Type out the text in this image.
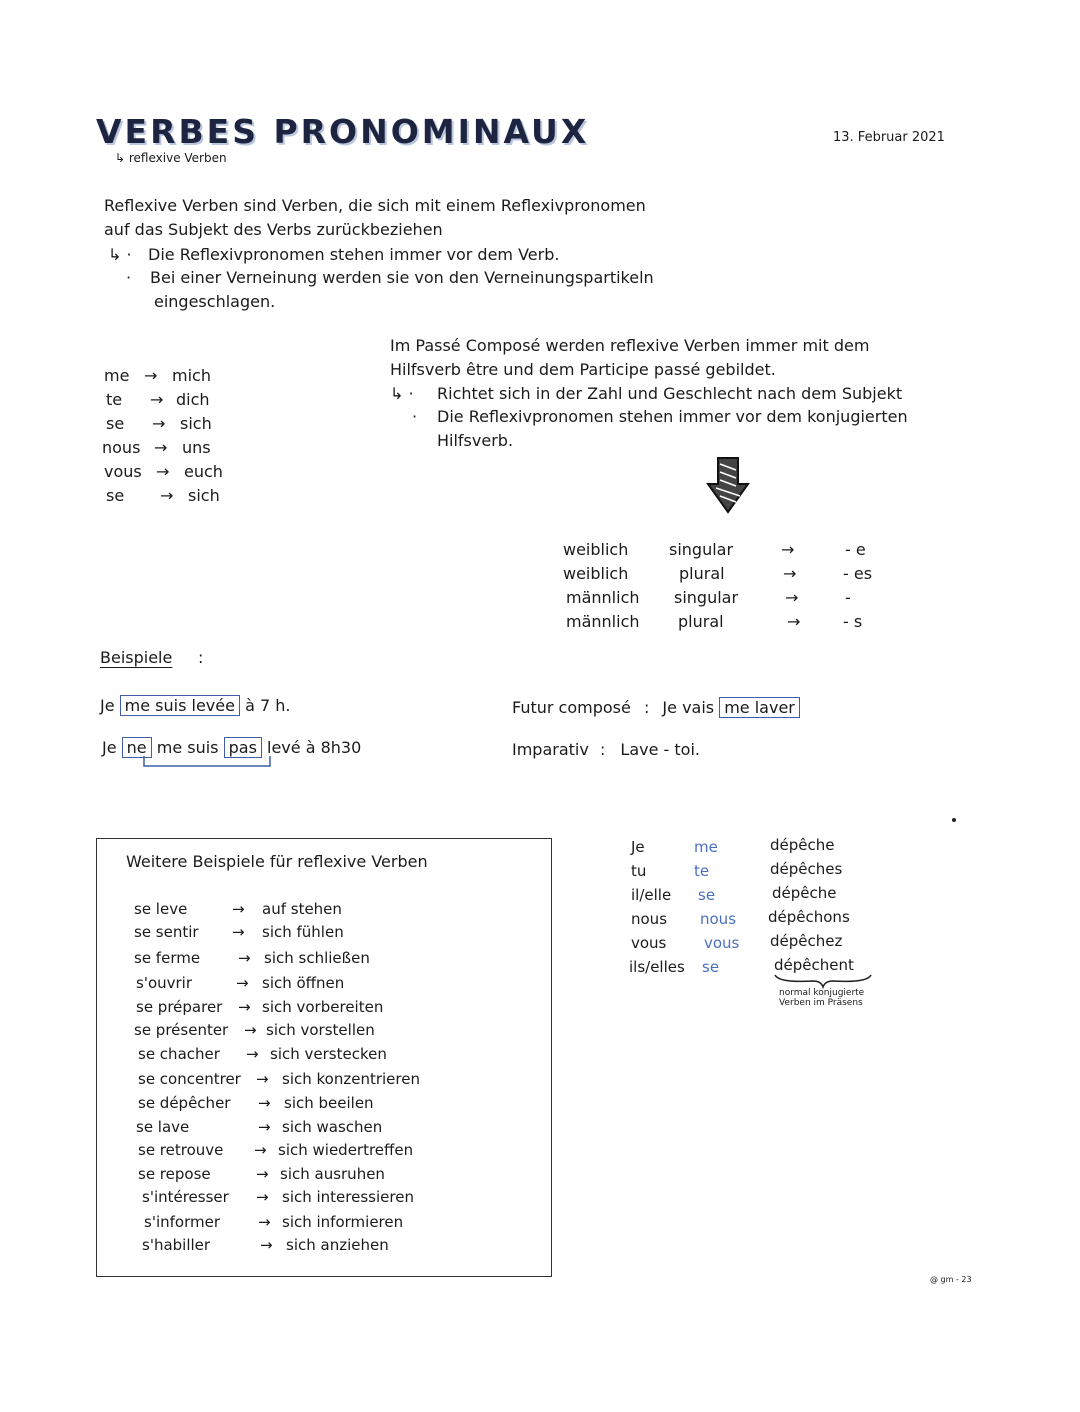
VERBES PRONOMINAUX
↳ reflexive Verben
13. Februar 2021
Reflexive Verben sind Verben, die sich mit einem Reflexivpronomen
auf das Subjekt des Verbs zurückbeziehen
↳ · Die Reflexivpronomen stehen immer vor dem Verb.
· Bei einer Verneinung werden sie von den Verneinungspartikeln
eingeschlagen.
me → mich
te → dich
se → sich
nous → uns
vous → euch
se → sich
Im Passé Composé werden reflexive Verben immer mit dem
Hilfsverb être und dem Participe passé gebildet.
↳ · Richtet sich in der Zahl und Geschlecht nach dem Subjekt
· Die Reflexivpronomen stehen immer vor dem konjugierten
Hilfsverb.
weiblich	singular	→	- e
weiblich	plural	→	- es
männlich singular	→	-
männlich plural	→	- s
Beispiele :
Je me suis levée à 7 h.
Je ne me suis pas levé à 8h30
Futur composé : Je vais me laver
Imparativ : Lave - toi.
Weitere Beispiele für reflexive Verben
se leve	→ auf stehen
se sentir → sich fühlen
se ferme	→ sich schließen
s'ouvrir	→ sich öffnen
se préparer → sich vorbereiten
se présenter → sich vorstellen
se chacher → sich verstecken
se concentrer → sich konzentrieren
se dépêcher → sich beeilen
se lave	→ sich waschen
se retrouve → sich wiedertreffen
se repose	→ sich ausruhen
s'intéresser → sich interessieren
s'informer	→ sich informieren
s'habiller	→ sich anziehen
Je	me	dépêche
tu	te	dépêches
il/elle se	dépêche
nous nous dépêchons
vous	vous dépêchez
ils/elles se	dépêchent
normal konjugierte Verben im Präsens
@ gm - 23
